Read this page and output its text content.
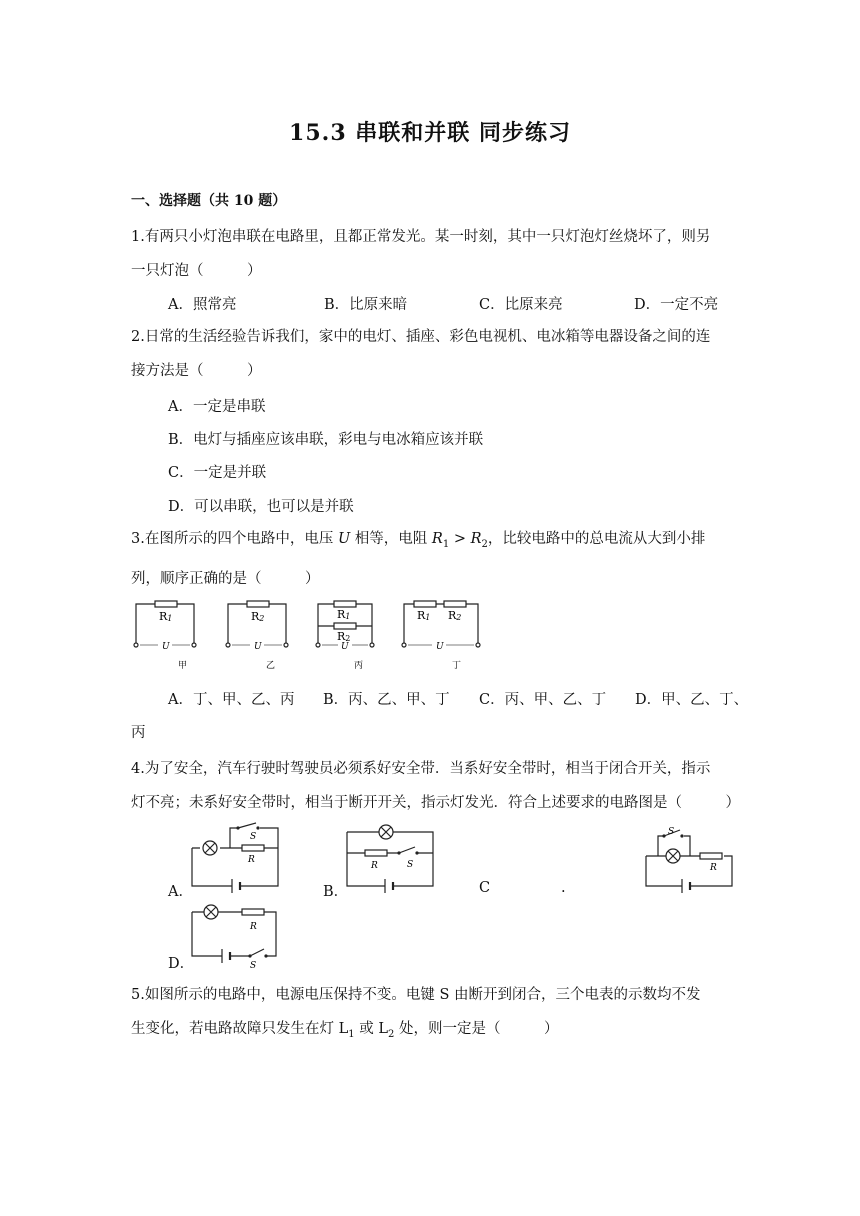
15.3 串联和并联 同步练习
一、选择题（共 10 题）
1.有两只小灯泡串联在电路里，且都正常发光。某一时刻，其中一只灯泡灯丝烧坏了，则另
一只灯泡（　　　）
A．照常亮	B．比原来暗	C．比原来亮	D．一定不亮
2.日常的生活经验告诉我们，家中的电灯、插座、彩色电视机、电冰箱等电器设备之间的连
接方法是（　　　）
A．一定是串联
B．电灯与插座应该串联，彩电与电冰箱应该并联
C．一定是并联
D．可以串联，也可以是并联
3.在图所示的四个电路中，电压 U 相等，电阻 $R_1 > R_2$，比较电路中的总电流从大到小排
列，顺序正确的是（　　　）
R1
U
甲
R2
U
乙
R1
R2
U
丙
R1 R2
U
丁
A．丁、甲、乙、丙 B．丙、乙、甲、丁 C．丙、甲、乙、丁 D．甲、乙、丁、
丙
4.为了安全，汽车行驶时驾驶员必须系好安全带．当系好安全带时，相当于闭合开关，指示
灯不亮；未系好安全带时，相当于断开开关，指示灯发光．符合上述要求的电路图是（　　　）
A．	B．	C	.
D．
S
R
R	S
S
R
R
S
5.如图所示的电路中，电源电压保持不变。电键 S 由断开到闭合，三个电表的示数均不发
生变化，若电路故障只发生在灯 $L_1$ 或 $L_2$ 处，则一定是（　　　）
